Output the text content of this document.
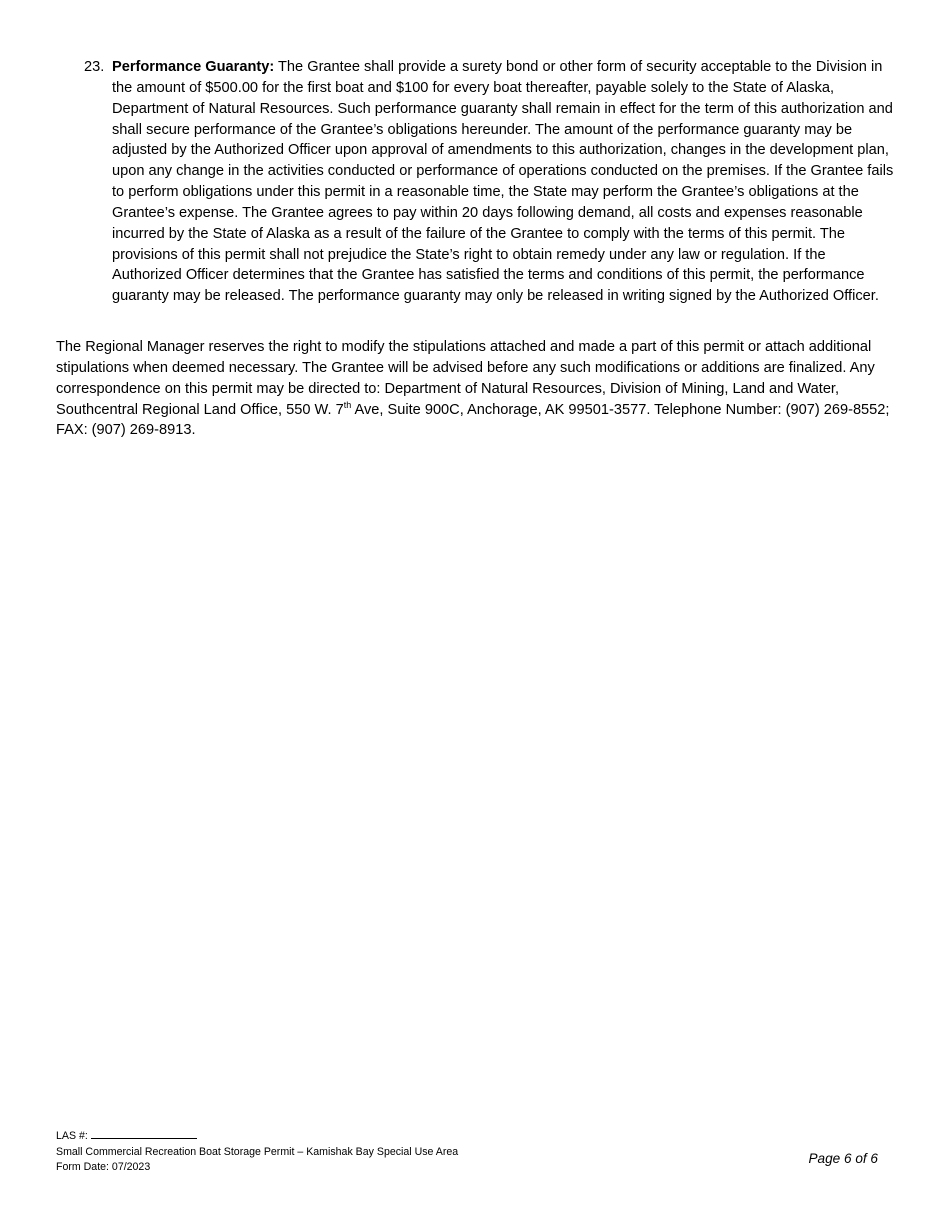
23. Performance Guaranty: The Grantee shall provide a surety bond or other form of security acceptable to the Division in the amount of $500.00 for the first boat and $100 for every boat thereafter, payable solely to the State of Alaska, Department of Natural Resources. Such performance guaranty shall remain in effect for the term of this authorization and shall secure performance of the Grantee’s obligations hereunder. The amount of the performance guaranty may be adjusted by the Authorized Officer upon approval of amendments to this authorization, changes in the development plan, upon any change in the activities conducted or performance of operations conducted on the premises. If the Grantee fails to perform obligations under this permit in a reasonable time, the State may perform the Grantee’s obligations at the Grantee’s expense. The Grantee agrees to pay within 20 days following demand, all costs and expenses reasonable incurred by the State of Alaska as a result of the failure of the Grantee to comply with the terms of this permit. The provisions of this permit shall not prejudice the State’s right to obtain remedy under any law or regulation. If the Authorized Officer determines that the Grantee has satisfied the terms and conditions of this permit, the performance guaranty may be released. The performance guaranty may only be released in writing signed by the Authorized Officer.
The Regional Manager reserves the right to modify the stipulations attached and made a part of this permit or attach additional stipulations when deemed necessary. The Grantee will be advised before any such modifications or additions are finalized. Any correspondence on this permit may be directed to: Department of Natural Resources, Division of Mining, Land and Water, Southcentral Regional Land Office, 550 W. 7th Ave, Suite 900C, Anchorage, AK 99501-3577. Telephone Number: (907) 269-8552; FAX: (907) 269-8913.
LAS #:
Small Commercial Recreation Boat Storage Permit – Kamishak Bay Special Use Area
Form Date: 07/2023
Page 6 of 6
